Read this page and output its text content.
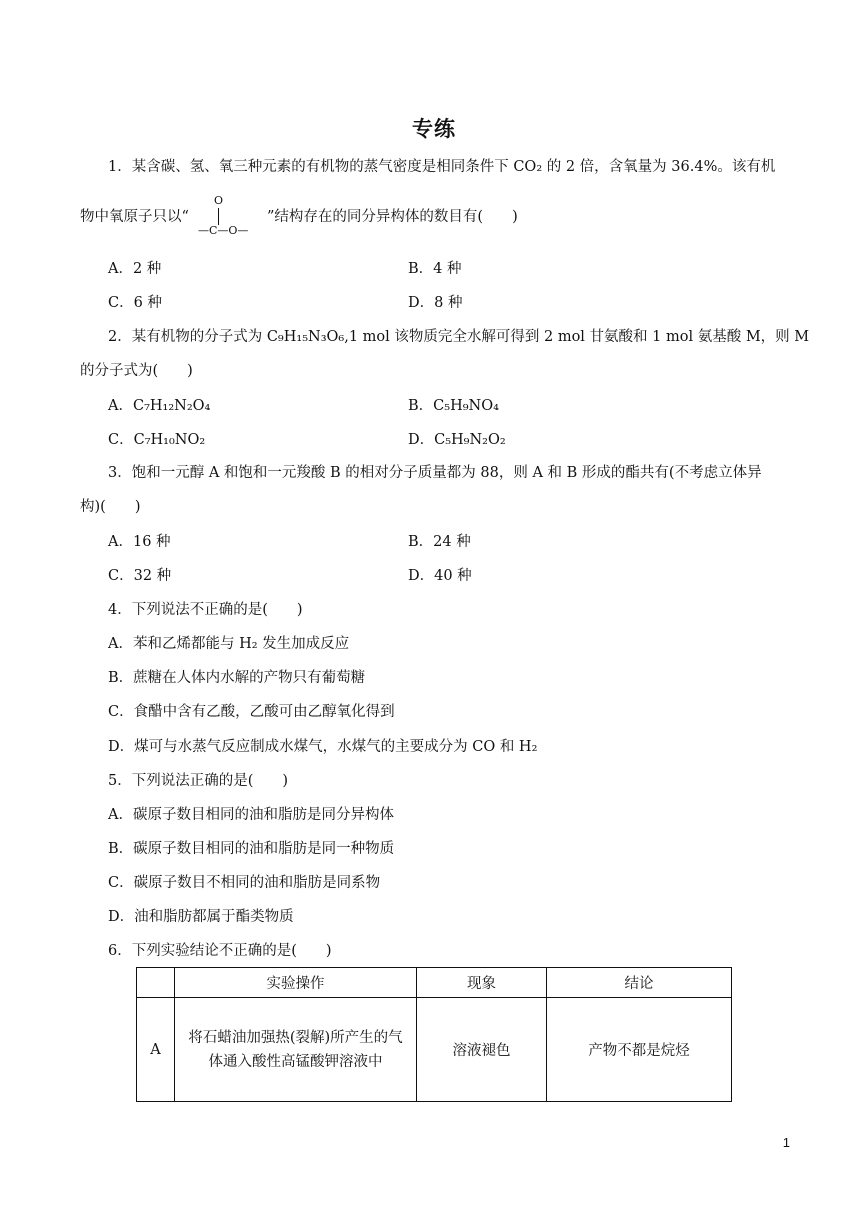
专练
1．某含碳、氢、氧三种元素的有机物的蒸气密度是相同条件下 CO₂ 的 2 倍，含氧量为 36.4%。该有机
物中氧原子只以“
O
—C—O—
”结构存在的同分异构体的数目有(　　)
A．2 种	B．4 种
C．6 种	D．8 种
2．某有机物的分子式为 C₉H₁₅N₃O₆,1 mol 该物质完全水解可得到 2 mol 甘氨酸和 1 mol 氨基酸 M，则 M
的分子式为(　　)
A．C₇H₁₂N₂O₄	B．C₅H₉NO₄
C．C₇H₁₀NO₂	D．C₅H₉N₂O₂
3．饱和一元醇 A 和饱和一元羧酸 B 的相对分子质量都为 88，则 A 和 B 形成的酯共有(不考虑立体异
构)(　　)
A．16 种	B．24 种
C．32 种	D．40 种
4．下列说法不正确的是(　　)
A．苯和乙烯都能与 H₂ 发生加成反应
B．蔗糖在人体内水解的产物只有葡萄糖
C．食醋中含有乙酸，乙酸可由乙醇氧化得到
D．煤可与水蒸气反应制成水煤气，水煤气的主要成分为 CO 和 H₂
5．下列说法正确的是(　　)
A．碳原子数目相同的油和脂肪是同分异构体
B．碳原子数目相同的油和脂肪是同一种物质
C．碳原子数目不相同的油和脂肪是同系物
D．油和脂肪都属于酯类物质
6．下列实验结论不正确的是(　　)
	实验操作	现象	结论
A	将石蜡油加强热(裂解)所产生的气
体通入酸性高锰酸钾溶液中	溶液褪色	产物不都是烷烃
1
